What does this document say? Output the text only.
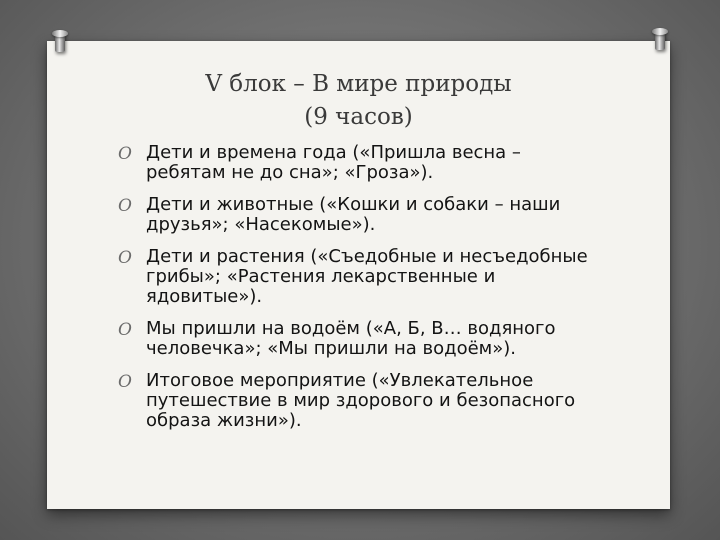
V блок – В мире природы
(9 часов)
O Дети и времена года («Пришла весна – ребятам не до сна»; «Гроза»).
O Дети и животные («Кошки и собаки – наши друзья»; «Насекомые»).
O Дети и растения («Съедобные и несъедобные грибы»; «Растения лекарственные и ядовитые»).
O Мы пришли на водоём («А, Б, В… водяного человечка»; «Мы пришли на водоём»).
O Итоговое мероприятие («Увлекательное путешествие в мир здорового и безопасного образа жизни»).
